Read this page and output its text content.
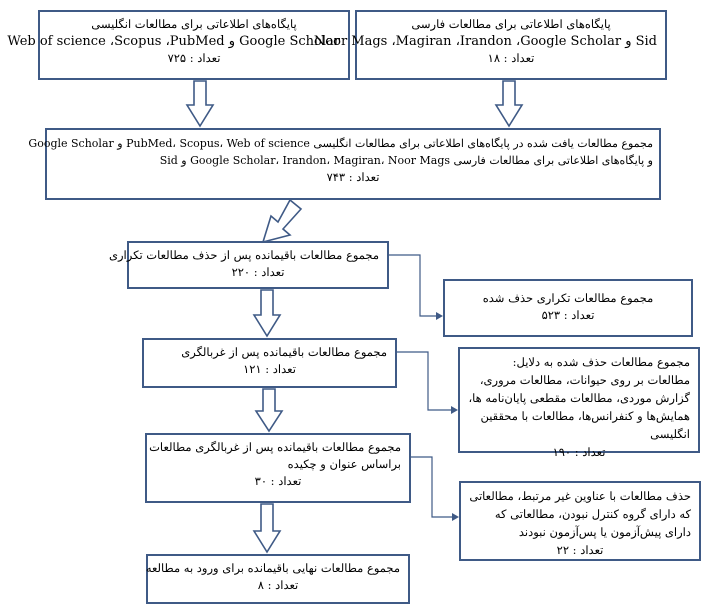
پایگاه‌های اطلاعاتی برای مطالعات انگلیسی
Google Scholar و Web of science ،Scopus ،PubMed
تعداد : ۷۲۵
پایگاه‌های اطلاعاتی برای مطالعات فارسی
Sid و Noor Mags ،Magiran ،Irandon ،Google Scholar
تعداد : ۱۸
مجموع مطالعات یافت شده در پایگاه‌های اطلاعاتی برای مطالعات انگلیسی PubMed، Scopus، Web of science و Google Scholar
و پایگاه‌های اطلاعاتی برای مطالعات فارسی Google Scholar، Irandon، Magiran، Noor Mags و Sid
تعداد : ۷۴۳
مجموع مطالعات باقیمانده پس از حذف مطالعات تکراری
تعداد : ۲۲۰
مجموع مطالعات تکراری حذف شده
تعداد : ۵۲۳
مجموع مطالعات باقیمانده پس از غربالگری
تعداد : ۱۲۱	مجموع مطالعات حذف شده به دلایل:
مطالعات بر روی حیوانات، مطالعات مروری، گزارش موردی، مطالعات مقطعی پایان‌نامه ها، همایش‌ها و کنفرانس‌ها، مطالعات با محققین انگلیسی
تعداد : ۱۹۰
مجموع مطالعات باقیمانده پس از غربالگری مطالعات
براساس عنوان و چکیده
تعداد : ۳۰
حذف مطالعات با عناوین غیر مرتبط، مطالعاتی که دارای گروه کنترل نبودن، مطالعاتی که دارای پیش‌آزمون یا پس‌آزمون نبودند
تعداد : ۲۲
مجموع مطالعات نهایی باقیمانده برای ورود به مطالعه
تعداد : ۸
